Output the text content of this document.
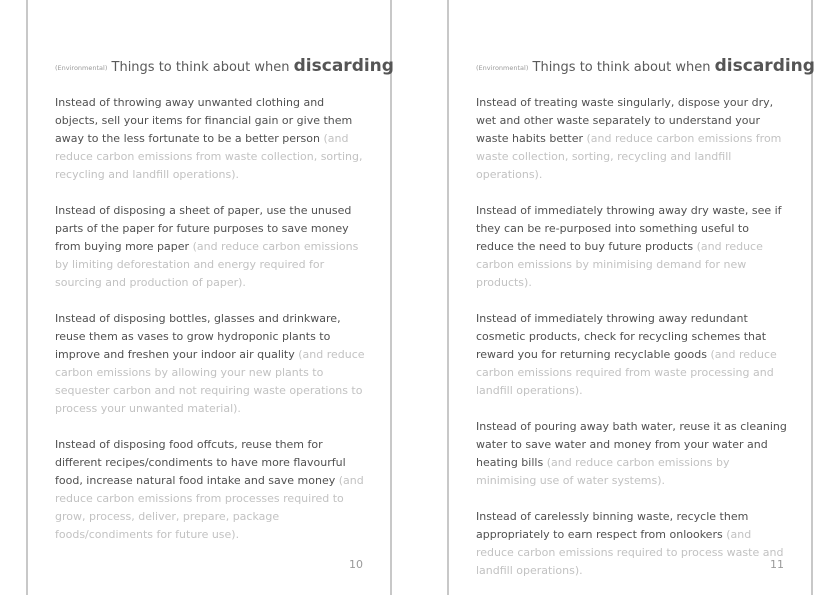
(Environmental) Things to think about when discarding

Instead of throwing away unwanted clothing and objects, sell your items for financial gain or give them away to the less fortunate to be a better person (and reduce carbon emissions from waste collection, sorting, recycling and landfill operations).

Instead of disposing a sheet of paper, use the unused parts of the paper for future purposes to save money from buying more paper (and reduce carbon emissions by limiting deforestation and energy required for sourcing and production of paper).

Instead of disposing bottles, glasses and drinkware, reuse them as vases to grow hydroponic plants to improve and freshen your indoor air quality (and reduce carbon emissions by allowing your new plants to sequester carbon and not requiring waste operations to process your unwanted material).

Instead of disposing food offcuts, reuse them for different recipes/condiments to have more flavourful food, increase natural food intake and save money (and reduce carbon emissions from processes required to grow, process, deliver, prepare, package foods/condiments for future use).

10
(Environmental) Things to think about when discarding

Instead of treating waste singularly, dispose your dry, wet and other waste separately to understand your waste habits better (and reduce carbon emissions from waste collection, sorting, recycling and landfill operations).

Instead of immediately throwing away dry waste, see if they can be re-purposed into something useful to reduce the need to buy future products (and reduce carbon emissions by minimising demand for new products).

Instead of immediately throwing away redundant cosmetic products, check for recycling schemes that reward you for returning recyclable goods (and reduce carbon emissions required from waste processing and landfill operations).

Instead of pouring away bath water, reuse it as cleaning water to save water and money from your water and heating bills (and reduce carbon emissions by minimising use of water systems).

Instead of carelessly binning waste, recycle them appropriately to earn respect from onlookers (and reduce carbon emissions required to process waste and landfill operations).	11
